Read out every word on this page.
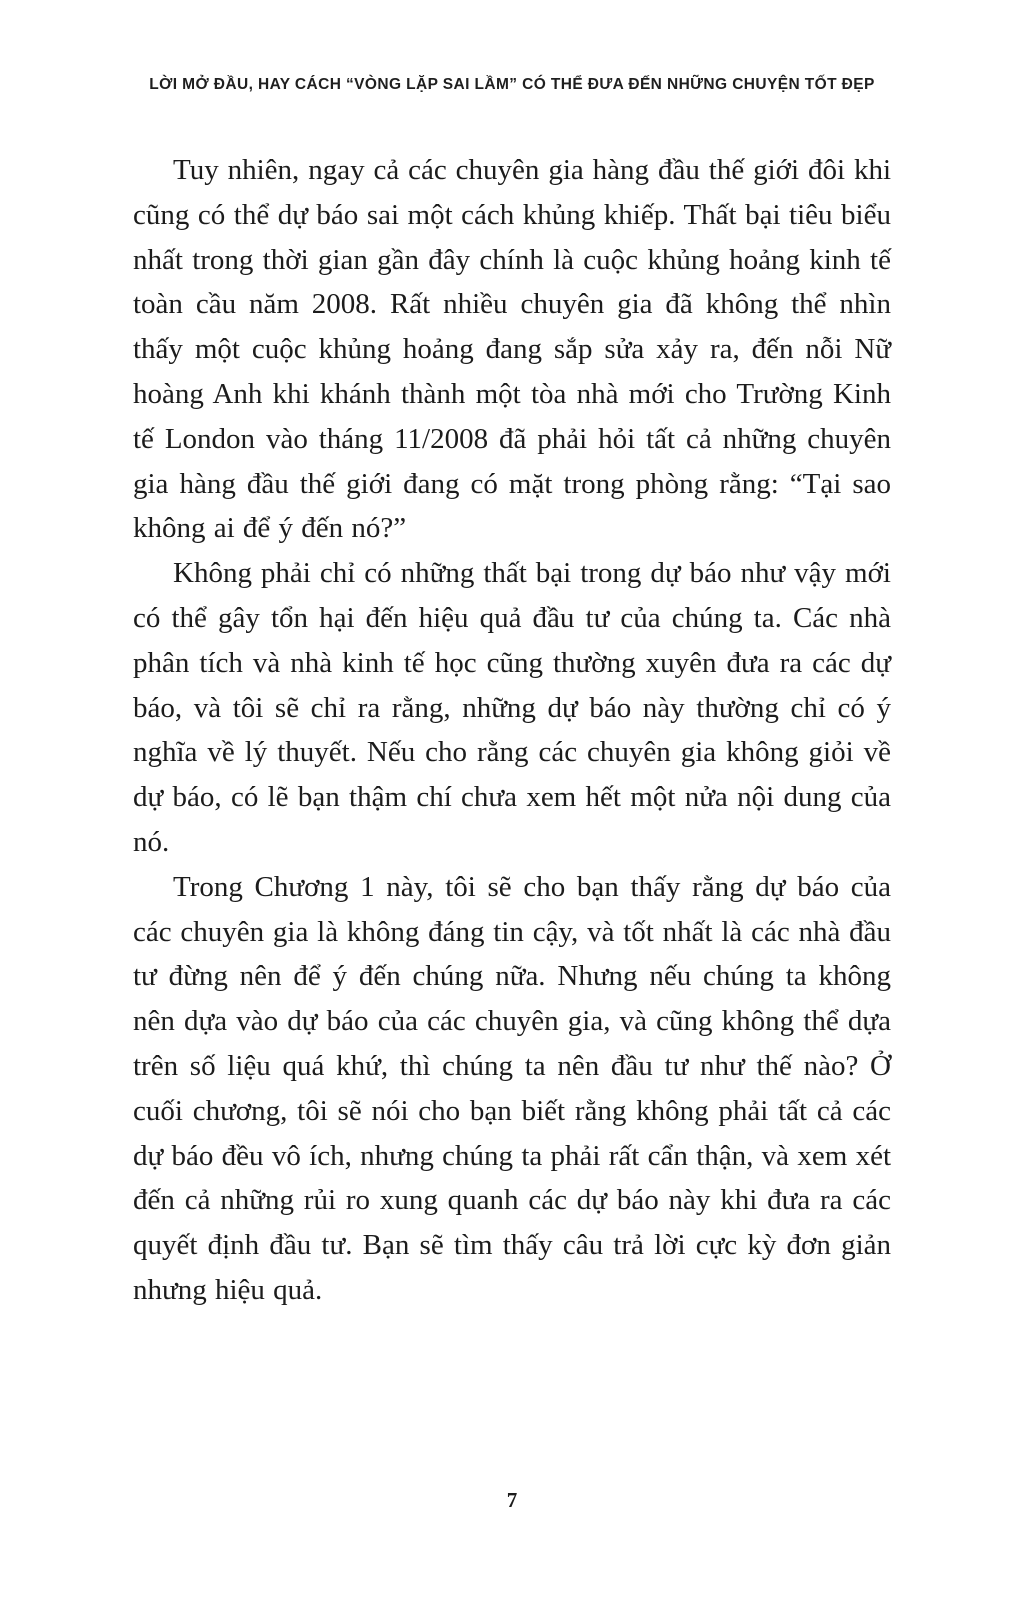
LỜI MỞ ĐẦU, HAY CÁCH “VÒNG LẶP SAI LẦM” CÓ THỂ ĐƯA ĐẾN NHỮNG CHUYỆN TỐT ĐẸP

Tuy nhiên, ngay cả các chuyên gia hàng đầu thế giới đôi khi cũng có thể dự báo sai một cách khủng khiếp. Thất bại tiêu biểu nhất trong thời gian gần đây chính là cuộc khủng hoảng kinh tế toàn cầu năm 2008. Rất nhiều chuyên gia đã không thể nhìn thấy một cuộc khủng hoảng đang sắp sửa xảy ra, đến nỗi Nữ hoàng Anh khi khánh thành một tòa nhà mới cho Trường Kinh tế London vào tháng 11/2008 đã phải hỏi tất cả những chuyên gia hàng đầu thế giới đang có mặt trong phòng rằng: “Tại sao không ai để ý đến nó?”

Không phải chỉ có những thất bại trong dự báo như vậy mới có thể gây tổn hại đến hiệu quả đầu tư của chúng ta. Các nhà phân tích và nhà kinh tế học cũng thường xuyên đưa ra các dự báo, và tôi sẽ chỉ ra rằng, những dự báo này thường chỉ có ý nghĩa về lý thuyết. Nếu cho rằng các chuyên gia không giỏi về dự báo, có lẽ bạn thậm chí chưa xem hết một nửa nội dung của nó.

Trong Chương 1 này, tôi sẽ cho bạn thấy rằng dự báo của các chuyên gia là không đáng tin cậy, và tốt nhất là các nhà đầu tư đừng nên để ý đến chúng nữa. Nhưng nếu chúng ta không nên dựa vào dự báo của các chuyên gia, và cũng không thể dựa trên số liệu quá khứ, thì chúng ta nên đầu tư như thế nào? Ở cuối chương, tôi sẽ nói cho bạn biết rằng không phải tất cả các dự báo đều vô ích, nhưng chúng ta phải rất cẩn thận, và xem xét đến cả những rủi ro xung quanh các dự báo này khi đưa ra các quyết định đầu tư. Bạn sẽ tìm thấy câu trả lời cực kỳ đơn giản nhưng hiệu quả.

7
